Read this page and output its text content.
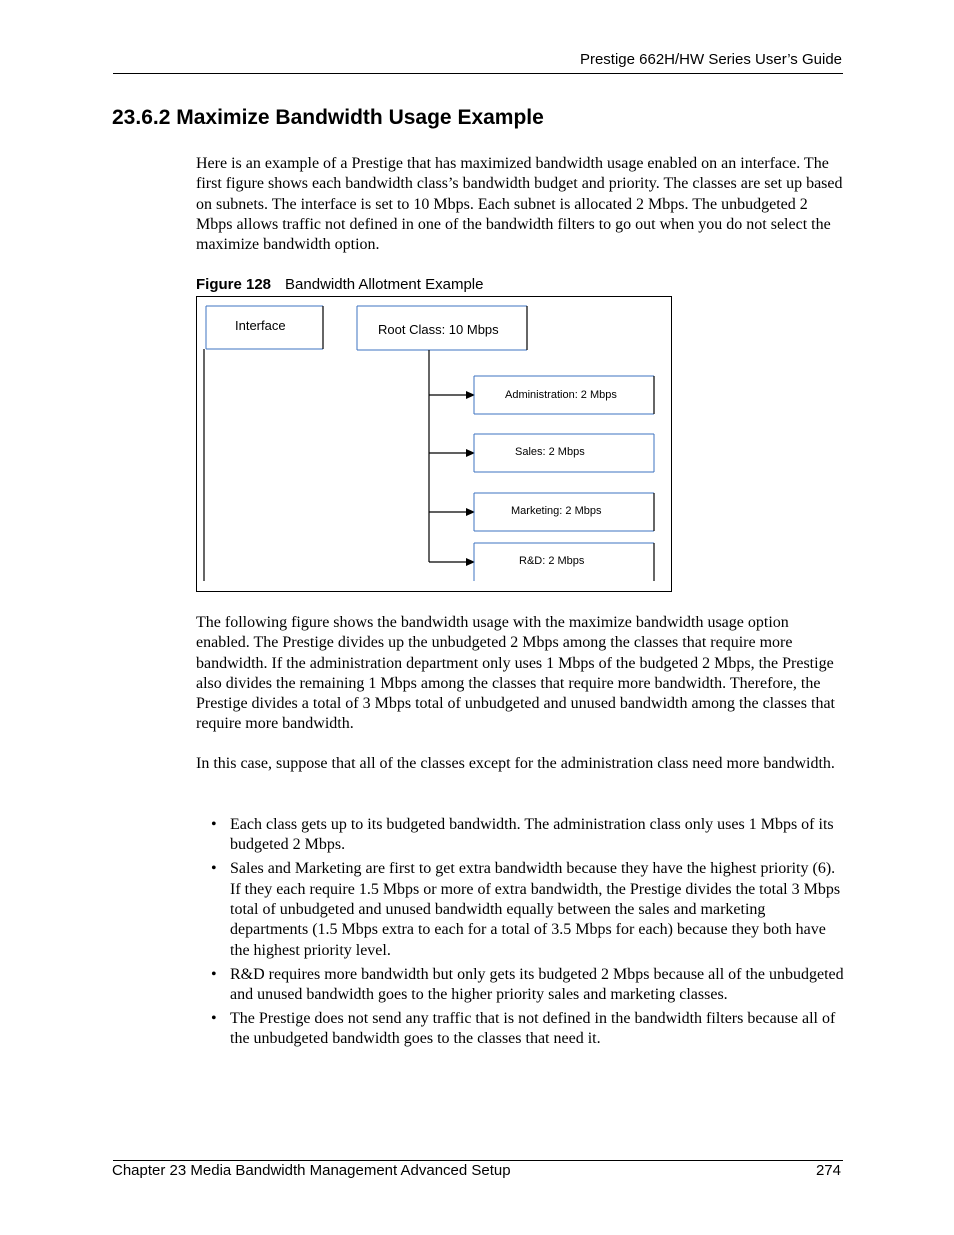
Prestige 662H/HW Series User’s Guide
23.6.2 Maximize Bandwidth Usage Example
Here is an example of a Prestige that has maximized bandwidth usage enabled on an interface. The first figure shows each bandwidth class’s bandwidth budget and priority. The classes are set up based on subnets. The interface is set to 10 Mbps. Each subnet is allocated 2 Mbps. The unbudgeted 2 Mbps allows traffic not defined in one of the bandwidth filters to go out when you do not select the maximize bandwidth option.
Figure 128 Bandwidth Allotment Example
Interface	Root Class: 10 Mbps
Administration: 2 Mbps
Sales: 2 Mbps
Marketing: 2 Mbps
R&D: 2 Mbps
The following figure shows the bandwidth usage with the maximize bandwidth usage option enabled. The Prestige divides up the unbudgeted 2 Mbps among the classes that require more bandwidth. If the administration department only uses 1 Mbps of the budgeted 2 Mbps, the Prestige also divides the remaining 1 Mbps among the classes that require more bandwidth. Therefore, the Prestige divides a total of 3 Mbps total of unbudgeted and unused bandwidth among the classes that require more bandwidth.
In this case, suppose that all of the classes except for the administration class need more bandwidth.
• Each class gets up to its budgeted bandwidth. The administration class only uses 1 Mbps of its budgeted 2 Mbps.
• Sales and Marketing are first to get extra bandwidth because they have the highest priority (6). If they each require 1.5 Mbps or more of extra bandwidth, the Prestige divides the total 3 Mbps total of unbudgeted and unused bandwidth equally between the sales and marketing departments (1.5 Mbps extra to each for a total of 3.5 Mbps for each) because they both have the highest priority level.
• R&D requires more bandwidth but only gets its budgeted 2 Mbps because all of the unbudgeted and unused bandwidth goes to the higher priority sales and marketing classes.
• The Prestige does not send any traffic that is not defined in the bandwidth filters because all of the unbudgeted bandwidth goes to the classes that need it.
Chapter 23 Media Bandwidth Management Advanced Setup	274
